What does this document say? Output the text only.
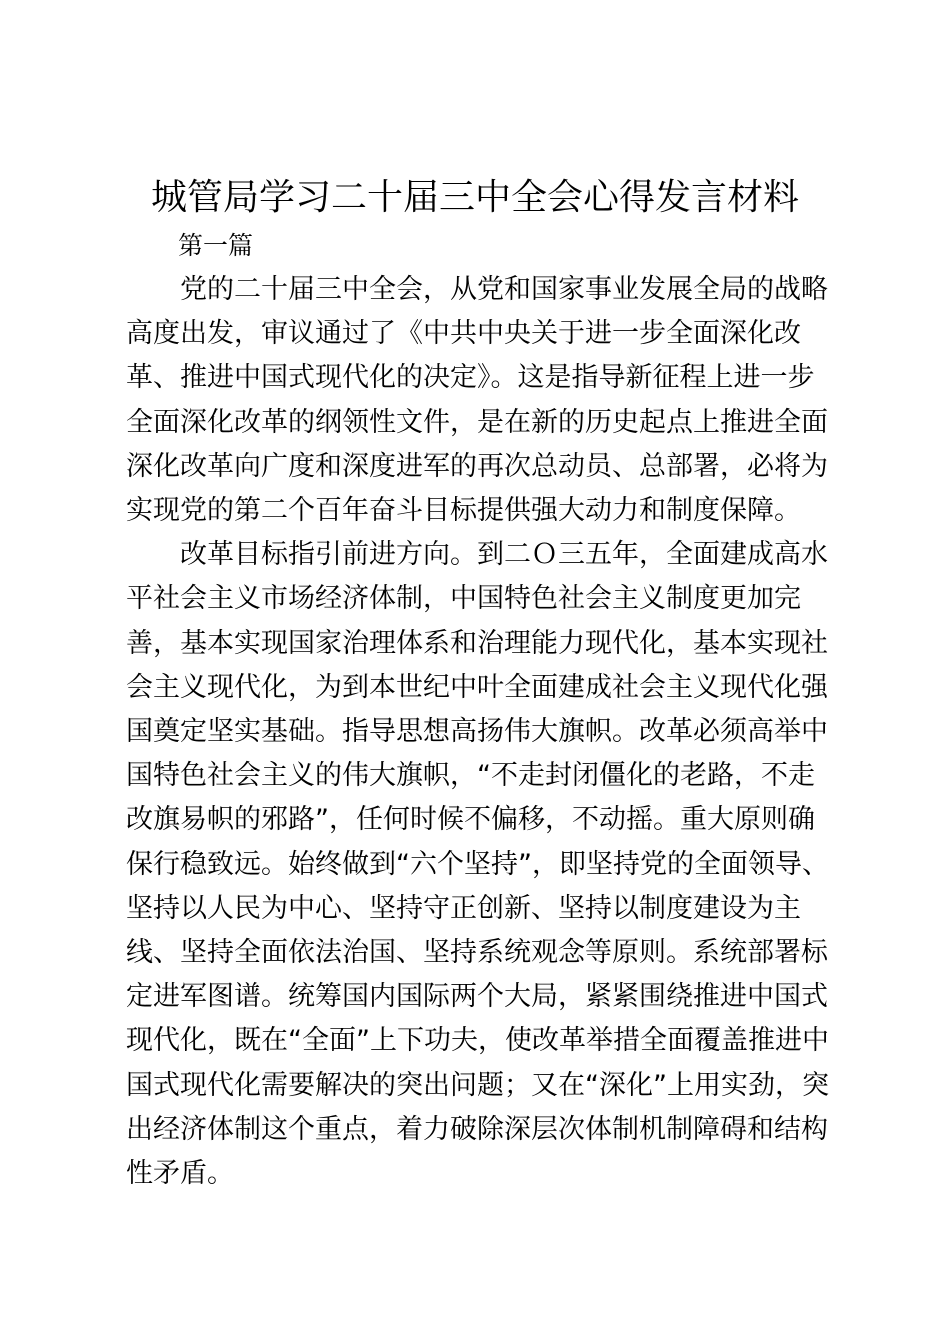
城管局学习二十届三中全会心得发言材料
第一篇

党的二十届三中全会，从党和国家事业发展全局的战略高度出发，审议通过了《中共中央关于进一步全面深化改革、推进中国式现代化的决定》。这是指导新征程上进一步全面深化改革的纲领性文件，是在新的历史起点上推进全面深化改革向广度和深度进军的再次总动员、总部署，必将为实现党的第二个百年奋斗目标提供强大动力和制度保障。

改革目标指引前进方向。到二Ｏ三五年，全面建成高水平社会主义市场经济体制，中国特色社会主义制度更加完善，基本实现国家治理体系和治理能力现代化，基本实现社会主义现代化，为到本世纪中叶全面建成社会主义现代化强国奠定坚实基础。指导思想高扬伟大旗帜。改革必须高举中国特色社会主义的伟大旗帜，“不走封闭僵化的老路，不走改旗易帜的邪路”，任何时候不偏移，不动摇。重大原则确保行稳致远。始终做到“六个坚持”，即坚持党的全面领导、坚持以人民为中心、坚持守正创新、坚持以制度建设为主线、坚持全面依法治国、坚持系统观念等原则。系统部署标定进军图谱。统筹国内国际两个大局，紧紧围绕推进中国式现代化，既在“全面”上下功夫，使改革举措全面覆盖推进中国式现代化需要解决的突出问题；又在“深化”上用实劲，突出经济体制这个重点，着力破除深层次体制机制障碍和结构性矛盾。
